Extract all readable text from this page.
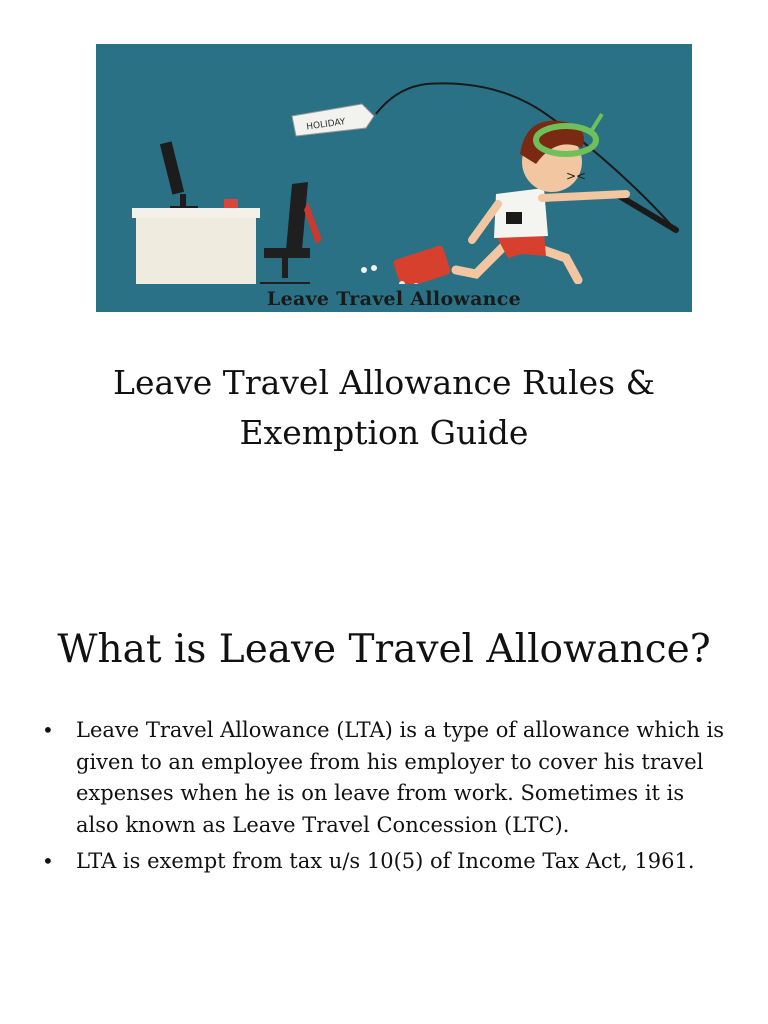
HOLIDAY
><
Leave Travel Allowance
Leave Travel Allowance Rules & Exemption Guide
What is Leave Travel Allowance?
• Leave Travel Allowance (LTA) is a type of allowance which is given to an employee from his employer to cover his travel expenses when he is on leave from work. Sometimes it is also known as Leave Travel Concession (LTC).
• LTA is exempt from tax u/s 10(5) of Income Tax Act, 1961.
